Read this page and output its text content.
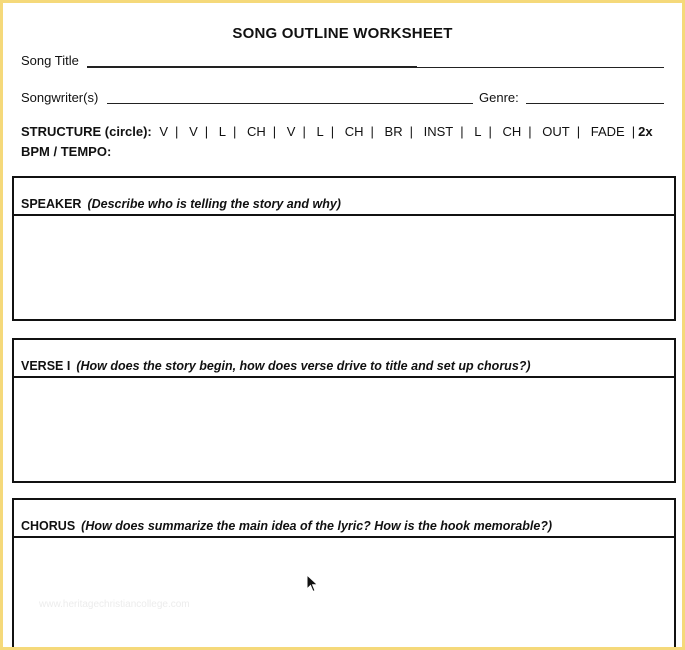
SONG OUTLINE WORKSHEET
Song Title
Songwriter(s)	Genre:
STRUCTURE (circle): V | V | L | CH | V | L | CH | BR | INST | L | CH | OUT | FADE | 2x
BPM / TEMPO:
SPEAKER (Describe who is telling the story and why)
VERSE I (How does the story begin, how does verse drive to title and set up chorus?)
CHORUS (How does summarize the main idea of the lyric? How is the hook memorable?)
www.heritagechristiancollege.com
